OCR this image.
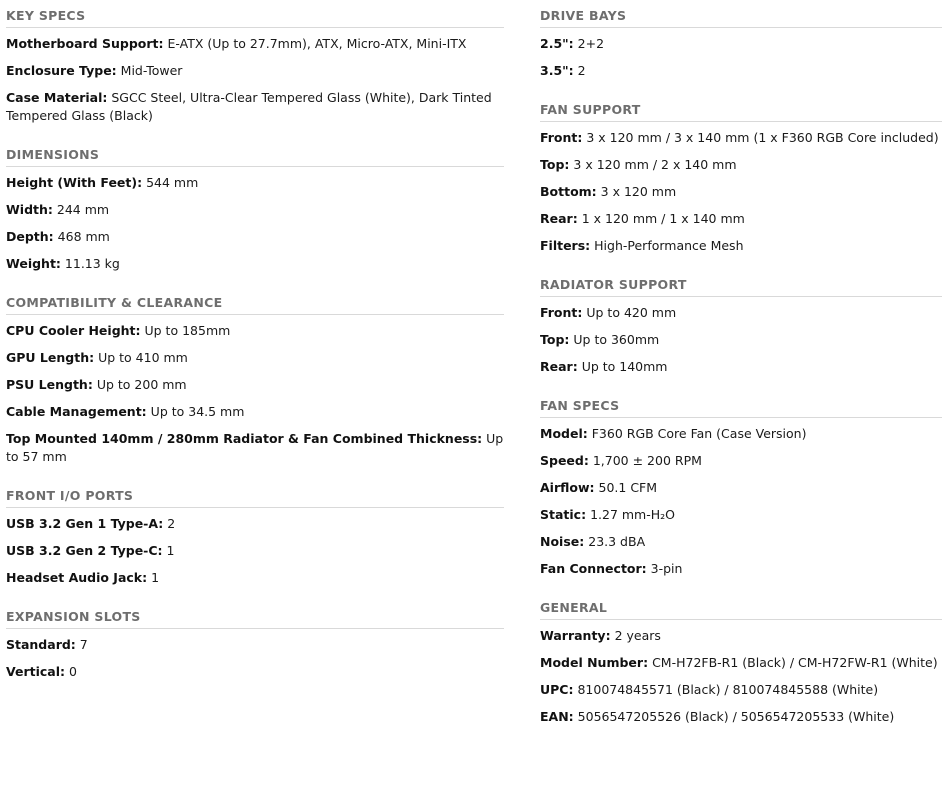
KEY SPECS
Motherboard Support: E-ATX (Up to 27.7mm), ATX, Micro-ATX, Mini-ITX
Enclosure Type: Mid-Tower
Case Material: SGCC Steel, Ultra-Clear Tempered Glass (White), Dark Tinted Tempered Glass (Black)
DIMENSIONS
Height (With Feet): 544 mm
Width: 244 mm
Depth: 468 mm
Weight: 11.13 kg
COMPATIBILITY & CLEARANCE
CPU Cooler Height: Up to 185mm
GPU Length: Up to 410 mm
PSU Length: Up to 200 mm
Cable Management: Up to 34.5 mm
Top Mounted 140mm / 280mm Radiator & Fan Combined Thickness: Up to 57 mm
FRONT I/O PORTS
USB 3.2 Gen 1 Type-A: 2
USB 3.2 Gen 2 Type-C: 1
Headset Audio Jack: 1
EXPANSION SLOTS
Standard: 7
Vertical: 0
DRIVE BAYS
2.5": 2+2
3.5": 2
FAN SUPPORT
Front: 3 x 120 mm / 3 x 140 mm (1 x F360 RGB Core included)
Top: 3 x 120 mm / 2 x 140 mm
Bottom: 3 x 120 mm
Rear: 1 x 120 mm / 1 x 140 mm
Filters: High-Performance Mesh
RADIATOR SUPPORT
Front: Up to 420 mm
Top: Up to 360mm
Rear: Up to 140mm
FAN SPECS
Model: F360 RGB Core Fan (Case Version)
Speed: 1,700 ± 200 RPM
Airflow: 50.1 CFM
Static: 1.27 mm-H₂O
Noise: 23.3 dBA
Fan Connector: 3-pin
GENERAL
Warranty: 2 years
Model Number: CM-H72FB-R1 (Black) / CM-H72FW-R1 (White)
UPC: 810074845571 (Black) / 810074845588 (White)
EAN: 5056547205526 (Black) / 5056547205533 (White)
